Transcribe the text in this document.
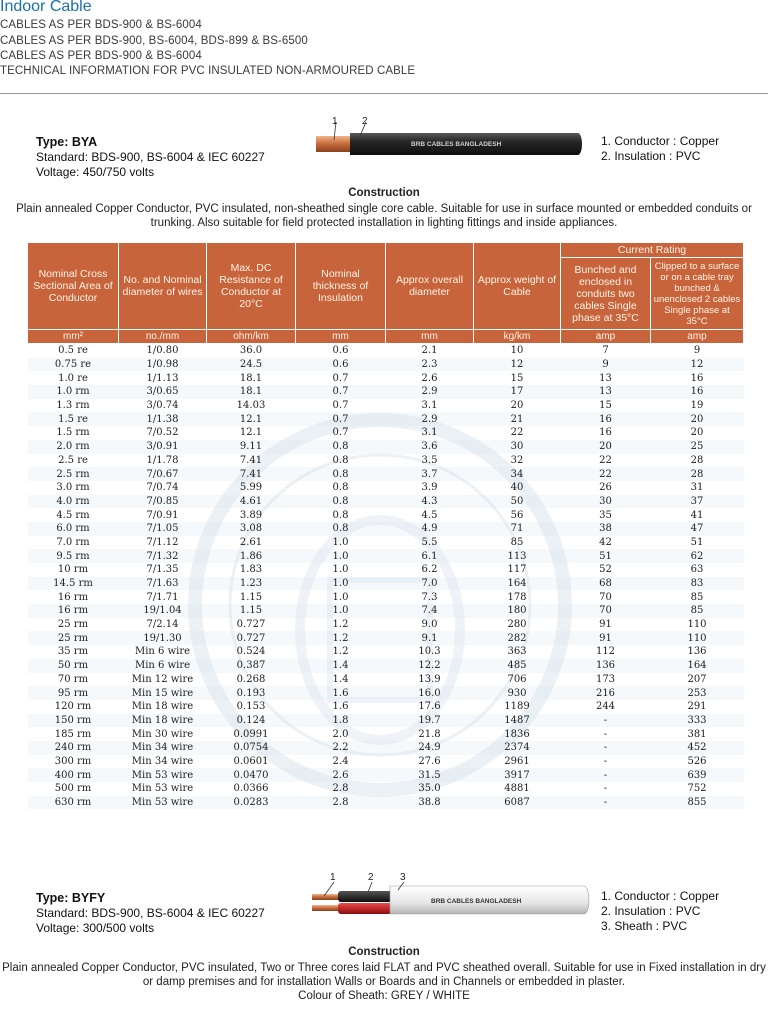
Indoor Cable
CABLES AS PER BDS-900 & BS-6004
CABLES AS PER BDS-900, BS-6004, BDS-899 & BS-6500
CABLES AS PER BDS-900 & BS-6004
TECHNICAL INFORMATION FOR PVC INSULATED NON-ARMOURED CABLE
Type: BYA
Standard: BDS-900, BS-6004 & IEC 60227
Voltage: 450/750 volts
1 2
BRB CABLES BANGLADESH	1. Conductor : Copper
2. Insulation : PVC
Construction
Plain annealed Copper Conductor, PVC insulated, non-sheathed single core cable. Suitable for use in surface mounted or embedded conduits or trunking. Also suitable for field protected installation in lighting fittings and inside appliances.
Nominal Cross Sectional Area of Conductor	No. and Nominal diameter of wires	Max. DC Resistance of Conductor at 20°C	Nominal thickness of Insulation	Approx overall diameter	Approx weight of Cable	Current Rating	
						Bunched and enclosed in conduits two cables Single phase at 35°C	Clipped to a surface or on a cable tray bunched & unenclosed 2 cables Single phase at 35°C
mm²	no./mm	ohm/km	mm	mm	kg/km	amp	amp
0.5 re	1/0.80	36.0	0.6	2.1	10	7	9
0.75 re	1/0.98	24.5	0.6	2.3	12	9	12
1.0 re	1/1.13	18.1	0.7	2.6	15	13	16
1.0 rm	3/0.65	18.1	0.7	2.9	17	13	16
1.3 rm	3/0.74	14.03	0.7	3.1	20	15	19
1.5 re	1/1.38	12.1	0.7	2.9	21	16	20
1.5 rm	7/0.52	12.1	0.7	3.1	22	16	20
2.0 rm	3/0.91	9.11	0.8	3.6	30	20	25
2.5 re	1/1.78	7.41	0.8	3.5	32	22	28
2.5 rm	7/0.67	7.41	0.8	3.7	34	22	28
3.0 rm	7/0.74	5.99	0.8	3.9	40	26	31
4.0 rm	7/0.85	4.61	0.8	4.3	50	30	37
4.5 rm	7/0.91	3.89	0.8	4.5	56	35	41
6.0 rm	7/1.05	3.08	0.8	4.9	71	38	47
7.0 rm	7/1.12	2.61	1.0	5.5	85	42	51
9.5 rm	7/1.32	1.86	1.0	6.1	113	51	62
10 rm	7/1.35	1.83	1.0	6.2	117	52	63
14.5 rm	7/1.63	1.23	1.0	7.0	164	68	83
16 rm	7/1.71	1.15	1.0	7.3	178	70	85
16 rm	19/1.04	1.15	1.0	7.4	180	70	85
25 rm	7/2.14	0.727	1.2	9.0	280	91	110
25 rm	19/1.30	0.727	1.2	9.1	282	91	110
35 rm	Min 6 wire	0.524	1.2	10.3	363	112	136
50 rm	Min 6 wire	0.387	1.4	12.2	485	136	164
70 rm	Min 12 wire	0.268	1.4	13.9	706	173	207
95 rm	Min 15 wire	0.193	1.6	16.0	930	216	253
120 rm	Min 18 wire	0.153	1.6	17.6	1189	244	291
150 rm	Min 18 wire	0.124	1.8	19.7	1487	-	333
185 rm	Min 30 wire	0.0991	2.0	21.8	1836	-	381
240 rm	Min 34 wire	0.0754	2.2	24.9	2374	-	452
300 rm	Min 34 wire	0.0601	2.4	27.6	2961	-	526
400 rm	Min 53 wire	0.0470	2.6	31.5	3917	-	639
500 rm	Min 53 wire	0.0366	2.8	35.0	4881	-	752
630 rm	Min 53 wire	0.0283	2.8	38.8	6087	-	855
Type: BYFY
Standard: BDS-900, BS-6004 & IEC 60227
Voltage: 300/500 volts
1	2	3
BRB CABLES BANGLADESH	1. Conductor : Copper
2. Insulation : PVC
3. Sheath : PVC
Construction
Plain annealed Copper Conductor, PVC insulated, Two or Three cores laid FLAT and PVC sheathed overall. Suitable for use in Fixed installation in dry or damp premises and for installation Walls or Boards and in Channels or embedded in plaster.
Colour of Sheath: GREY / WHITE
